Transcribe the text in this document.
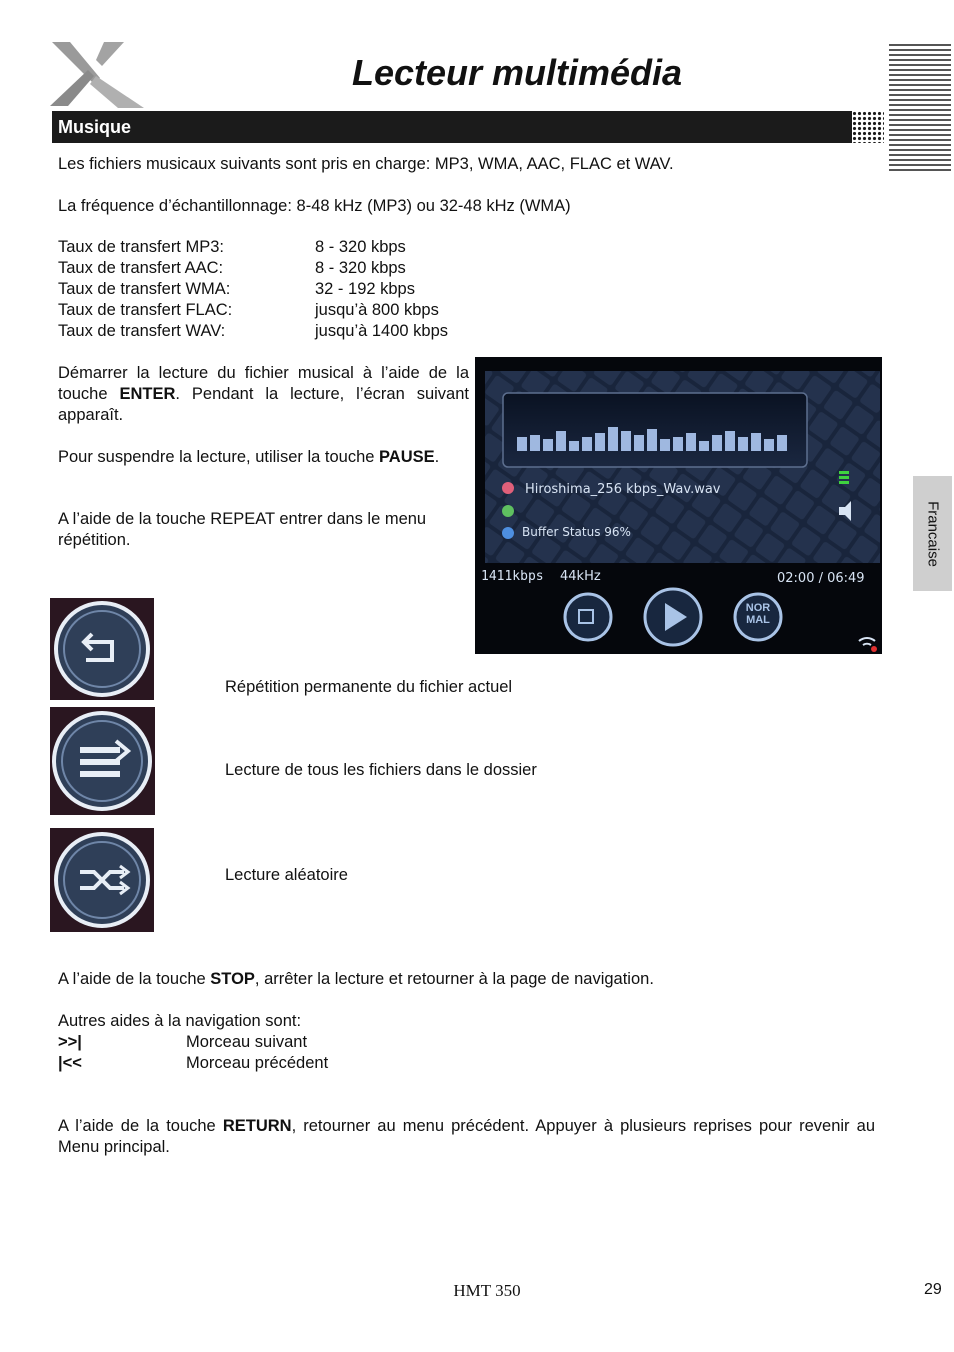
Lecteur multimédia
Musique
Les fichiers musicaux suivants sont pris en charge: MP3, WMA, AAC, FLAC et WAV.
La fréquence d’échantillonnage: 8-48 kHz (MP3) ou 32-48 kHz (WMA)
Taux de transfert MP3:	8 - 320 kbps
Taux de transfert AAC:	8 - 320 kbps
Taux de transfert WMA:	32 - 192 kbps
Taux de transfert FLAC:	jusqu’à 800 kbps
Taux de transfert WAV:	jusqu’à 1400 kbps
Démarrer la lecture du fichier musical à l’aide de la touche ENTER. Pendant la lecture, l’écran suivant apparaît.
Pour suspendre la lecture, utiliser la touche PAUSE.
A l’aide de la touche REPEAT entrer dans le menu répétition.	Francaise
Hiroshima_256 kbps_Wav.wav
Buffer Status 96%
1411kbps 44kHz	02:00 / 06:49
NOR
MAL
Répétition permanente du fichier actuel
Lecture de tous les fichiers dans le dossier
Lecture aléatoire
A l’aide de la touche STOP, arrêter la lecture et retourner à la page de navigation.
Autres aides à la navigation sont:
>>|	Morceau suivant
|<<	Morceau précédent
A l’aide de la touche RETURN, retourner au menu précédent. Appuyer à plusieurs reprises pour revenir au Menu principal.
HMT 350	29
